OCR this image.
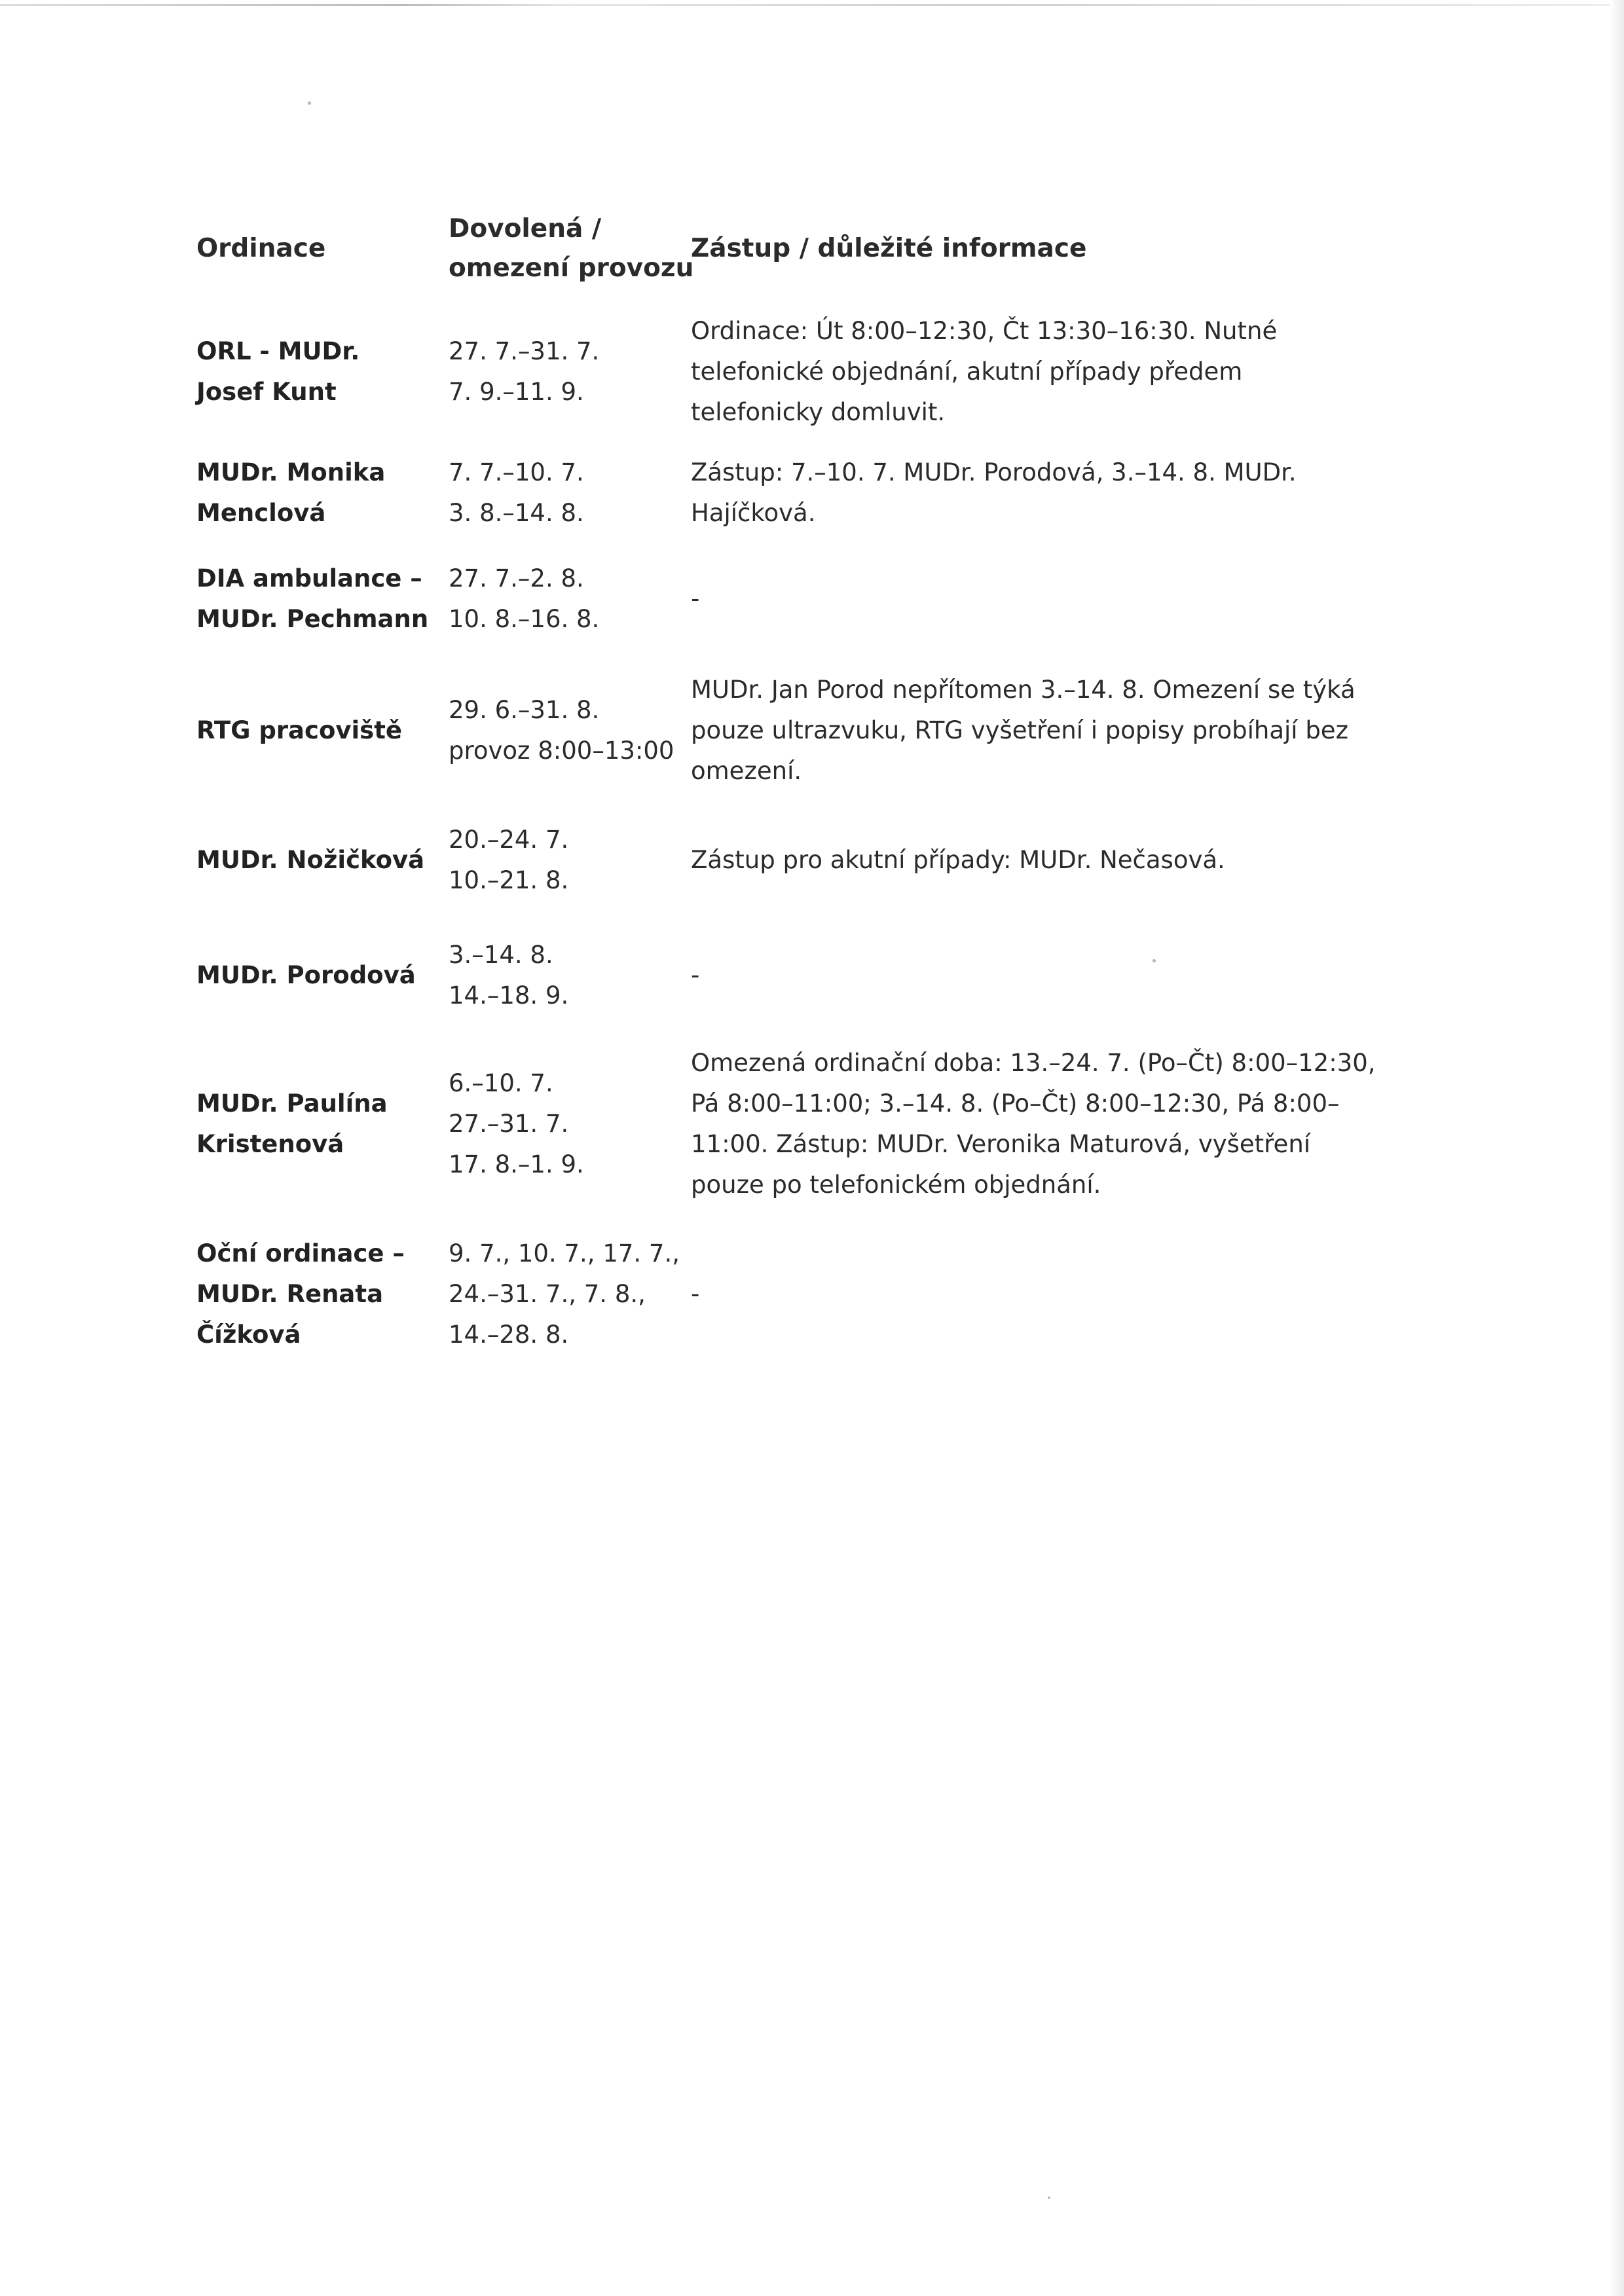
Ordinace
Dovolená /
omezení provozu
Zástup / důležité informace
ORL - MUDr.
Josef Kunt
27. 7.–31. 7.
7. 9.–11. 9.
Ordinace: Út 8:00–12:30, Čt 13:30–16:30. Nutné
telefonické objednání, akutní případy předem
telefonicky domluvit.
MUDr. Monika
Menclová
7. 7.–10. 7.
3. 8.–14. 8.
Zástup: 7.–10. 7. MUDr. Porodová, 3.–14. 8. MUDr.
Hajíčková.
DIA ambulance –
MUDr. Pechmann
27. 7.–2. 8.
10. 8.–16. 8.
-
RTG pracoviště
29. 6.–31. 8.
provoz 8:00–13:00
MUDr. Jan Porod nepřítomen 3.–14. 8. Omezení se týká
pouze ultrazvuku, RTG vyšetření i popisy probíhají bez
omezení.
MUDr. Nožičková
20.–24. 7.
10.–21. 8.
Zástup pro akutní případy: MUDr. Nečasová.
MUDr. Porodová
3.–14. 8.
14.–18. 9.
-
MUDr. Paulína
Kristenová
6.–10. 7.
27.–31. 7.
17. 8.–1. 9.
Omezená ordinační doba: 13.–24. 7. (Po–Čt) 8:00–12:30,
Pá 8:00–11:00; 3.–14. 8. (Po–Čt) 8:00–12:30, Pá 8:00–
11:00. Zástup: MUDr. Veronika Maturová, vyšetření
pouze po telefonickém objednání.
Oční ordinace –
MUDr. Renata
Čížková
9. 7., 10. 7., 17. 7.,
24.–31. 7., 7. 8.,
14.–28. 8.
-
